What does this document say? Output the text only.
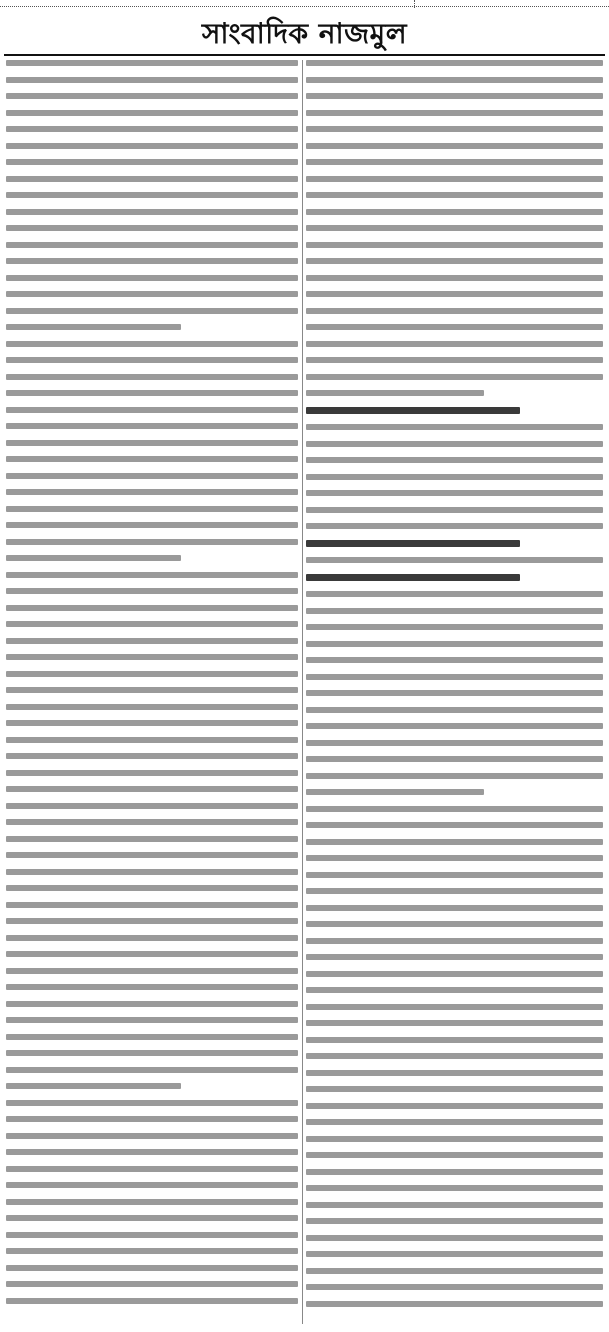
সাংবাদিক নাজমুল
